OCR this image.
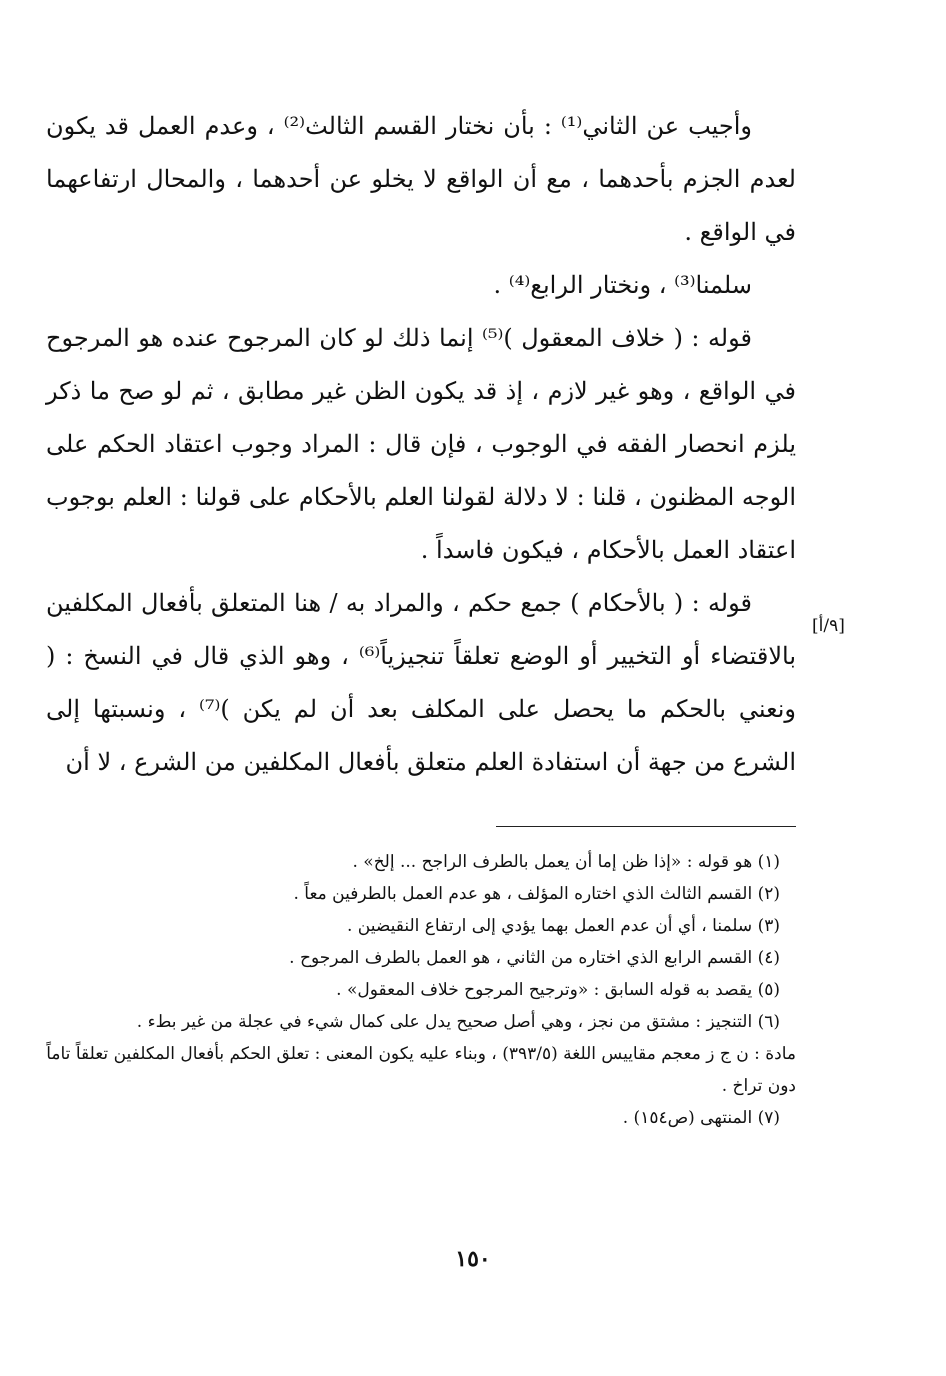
وأجيب عن الثاني⁽¹⁾ : بأن نختار القسم الثالث⁽²⁾ ، وعدم العمل قد يكون لعدم الجزم بأحدهما ، مع أن الواقع لا يخلو عن أحدهما ، والمحال ارتفاعهما في الواقع .

سلمنا⁽³⁾ ، ونختار الرابع⁽⁴⁾ .

قوله : ( خلاف المعقول )⁽⁵⁾ إنما ذلك لو كان المرجوح عنده هو المرجوح في الواقع ، وهو غير لازم ، إذ قد يكون الظن غير مطابق ، ثم لو صح ما ذكر يلزم انحصار الفقه في الوجوب ، فإن قال : المراد وجوب اعتقاد الحكم على الوجه المظنون ، قلنا : لا دلالة لقولنا العلم بالأحكام على قولنا : العلم بوجوب اعتقاد العمل بالأحكام ، فيكون فاسداً .

قوله : ( بالأحكام ) جمع حكم ، والمراد به / هنا المتعلق بأفعال المكلفين بالاقتضاء أو التخيير أو الوضع تعلقاً تنجيزياً⁽⁶⁾ ، وهو الذي قال في النسخ : ( ونعني بالحكم ما يحصل على المكلف بعد أن لم يكن )⁽⁷⁾ ، ونسبتها إلى الشرع من جهة أن استفادة العلم متعلق بأفعال المكلفين من الشرع ، لا أن

[٩/أ]

(١) هو قوله : «إذا ظن إما أن يعمل بالطرف الراجح ... إلخ» .

(٢) القسم الثالث الذي اختاره المؤلف ، هو عدم العمل بالطرفين معاً .

(٣) سلمنا ، أي أن عدم العمل بهما يؤدي إلى ارتفاع النقيضين .

(٤) القسم الرابع الذي اختاره من الثاني ، هو العمل بالطرف المرجوح .

(٥) يقصد به قوله السابق : «وترجيح المرجوح خلاف المعقول» .

(٦) التنجيز : مشتق من نجز ، وهي أصل صحيح يدل على كمال شيء في عجلة من غير بطء .

مادة : ن ج ز معجم مقاييس اللغة (٣٩٣/٥) ، وبناء عليه يكون المعنى : تعلق الحكم بأفعال المكلفين تعلقاً تاماً دون تراخ .

(٧) المنتهى (ص١٥٤) .

١٥٠
